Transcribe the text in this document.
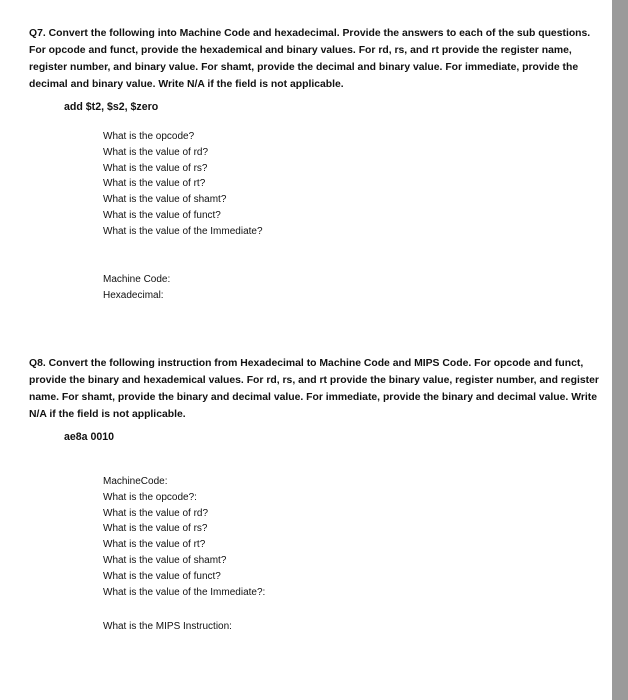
Q7. Convert the following into Machine Code and hexadecimal. Provide the answers to each of the sub questions.
For opcode and funct, provide the hexademical and binary values. For rd, rs, and rt provide the register name,
register number, and binary value. For shamt, provide the decimal and binary value. For immediate, provide the
decimal and binary value. Write N/A if the field is not applicable.
add $t2, $s2, $zero
What is the opcode?
What is the value of rd?
What is the value of rs?
What is the value of rt?
What is the value of shamt?
What is the value of funct?
What is the value of the Immediate?
Machine Code:
Hexadecimal:
Q8. Convert the following instruction from Hexadecimal to Machine Code and MIPS Code. For opcode and funct,
provide the binary and hexademical values. For rd, rs, and rt provide the binary value, register number, and register
name. For shamt, provide the binary and decimal value. For immediate, provide the binary and decimal value. Write
N/A if the field is not applicable.
ae8a 0010
MachineCode:
What is the opcode?:
What is the value of rd?
What is the value of rs?
What is the value of rt?
What is the value of shamt?
What is the value of funct?
What is the value of the Immediate?:
What is the MIPS Instruction:
